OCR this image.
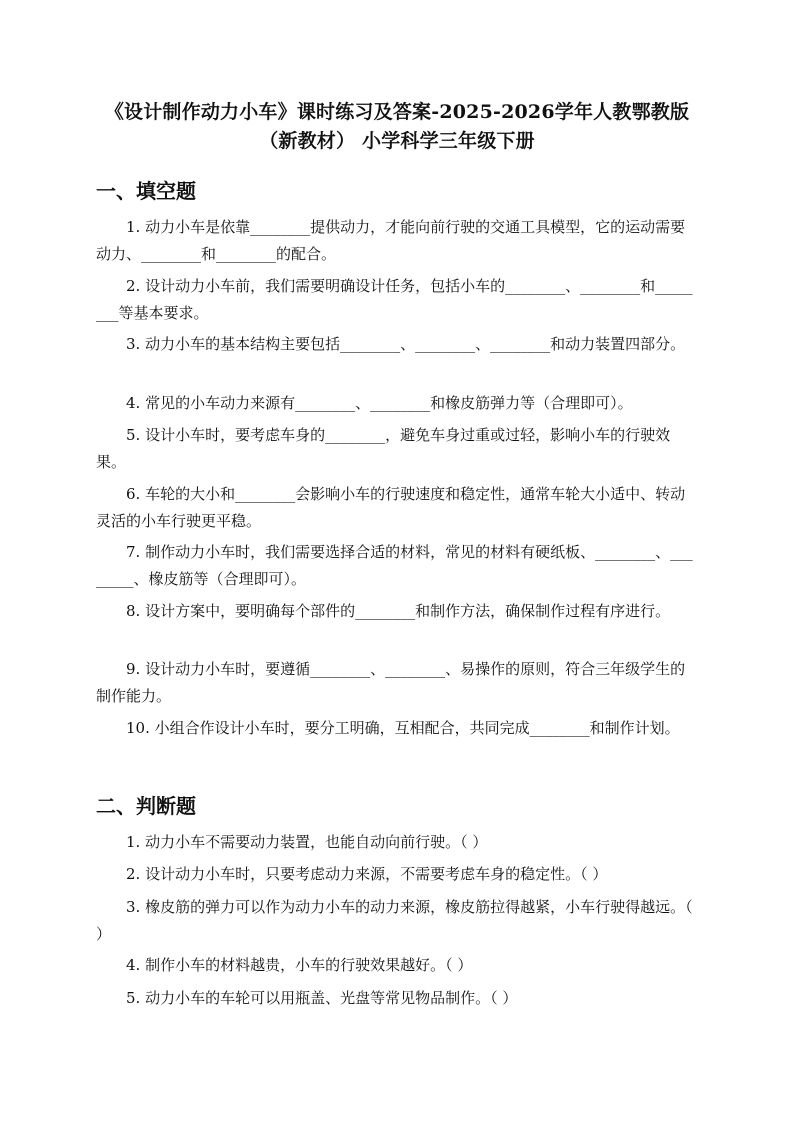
《设计制作动力小车》课时练习及答案-2025-2026学年人教鄂教版（新教材） 小学科学三年级下册
一、填空题
1. 动力小车是依靠________提供动力，才能向前行驶的交通工具模型，它的运动需要动力、________和________的配合。
2. 设计动力小车前，我们需要明确设计任务，包括小车的________、________和________等基本要求。
3. 动力小车的基本结构主要包括________、________、________和动力装置四部分。
4. 常见的小车动力来源有________、________和橡皮筋弹力等（合理即可）。
5. 设计小车时，要考虑车身的________，避免车身过重或过轻，影响小车的行驶效果。
6. 车轮的大小和________会影响小车的行驶速度和稳定性，通常车轮大小适中、转动灵活的小车行驶更平稳。
7. 制作动力小车时，我们需要选择合适的材料，常见的材料有硬纸板、________、________、橡皮筋等（合理即可）。
8. 设计方案中，要明确每个部件的________和制作方法，确保制作过程有序进行。
9. 设计动力小车时，要遵循________、________、易操作的原则，符合三年级学生的制作能力。
10. 小组合作设计小车时，要分工明确，互相配合，共同完成________和制作计划。
二、判断题
1. 动力小车不需要动力装置，也能自动向前行驶。（ ）
2. 设计动力小车时，只要考虑动力来源，不需要考虑车身的稳定性。（ ）
3. 橡皮筋的弹力可以作为动力小车的动力来源，橡皮筋拉得越紧，小车行驶得越远。（ ）
4. 制作小车的材料越贵，小车的行驶效果越好。（ ）
5. 动力小车的车轮可以用瓶盖、光盘等常见物品制作。（ ）
